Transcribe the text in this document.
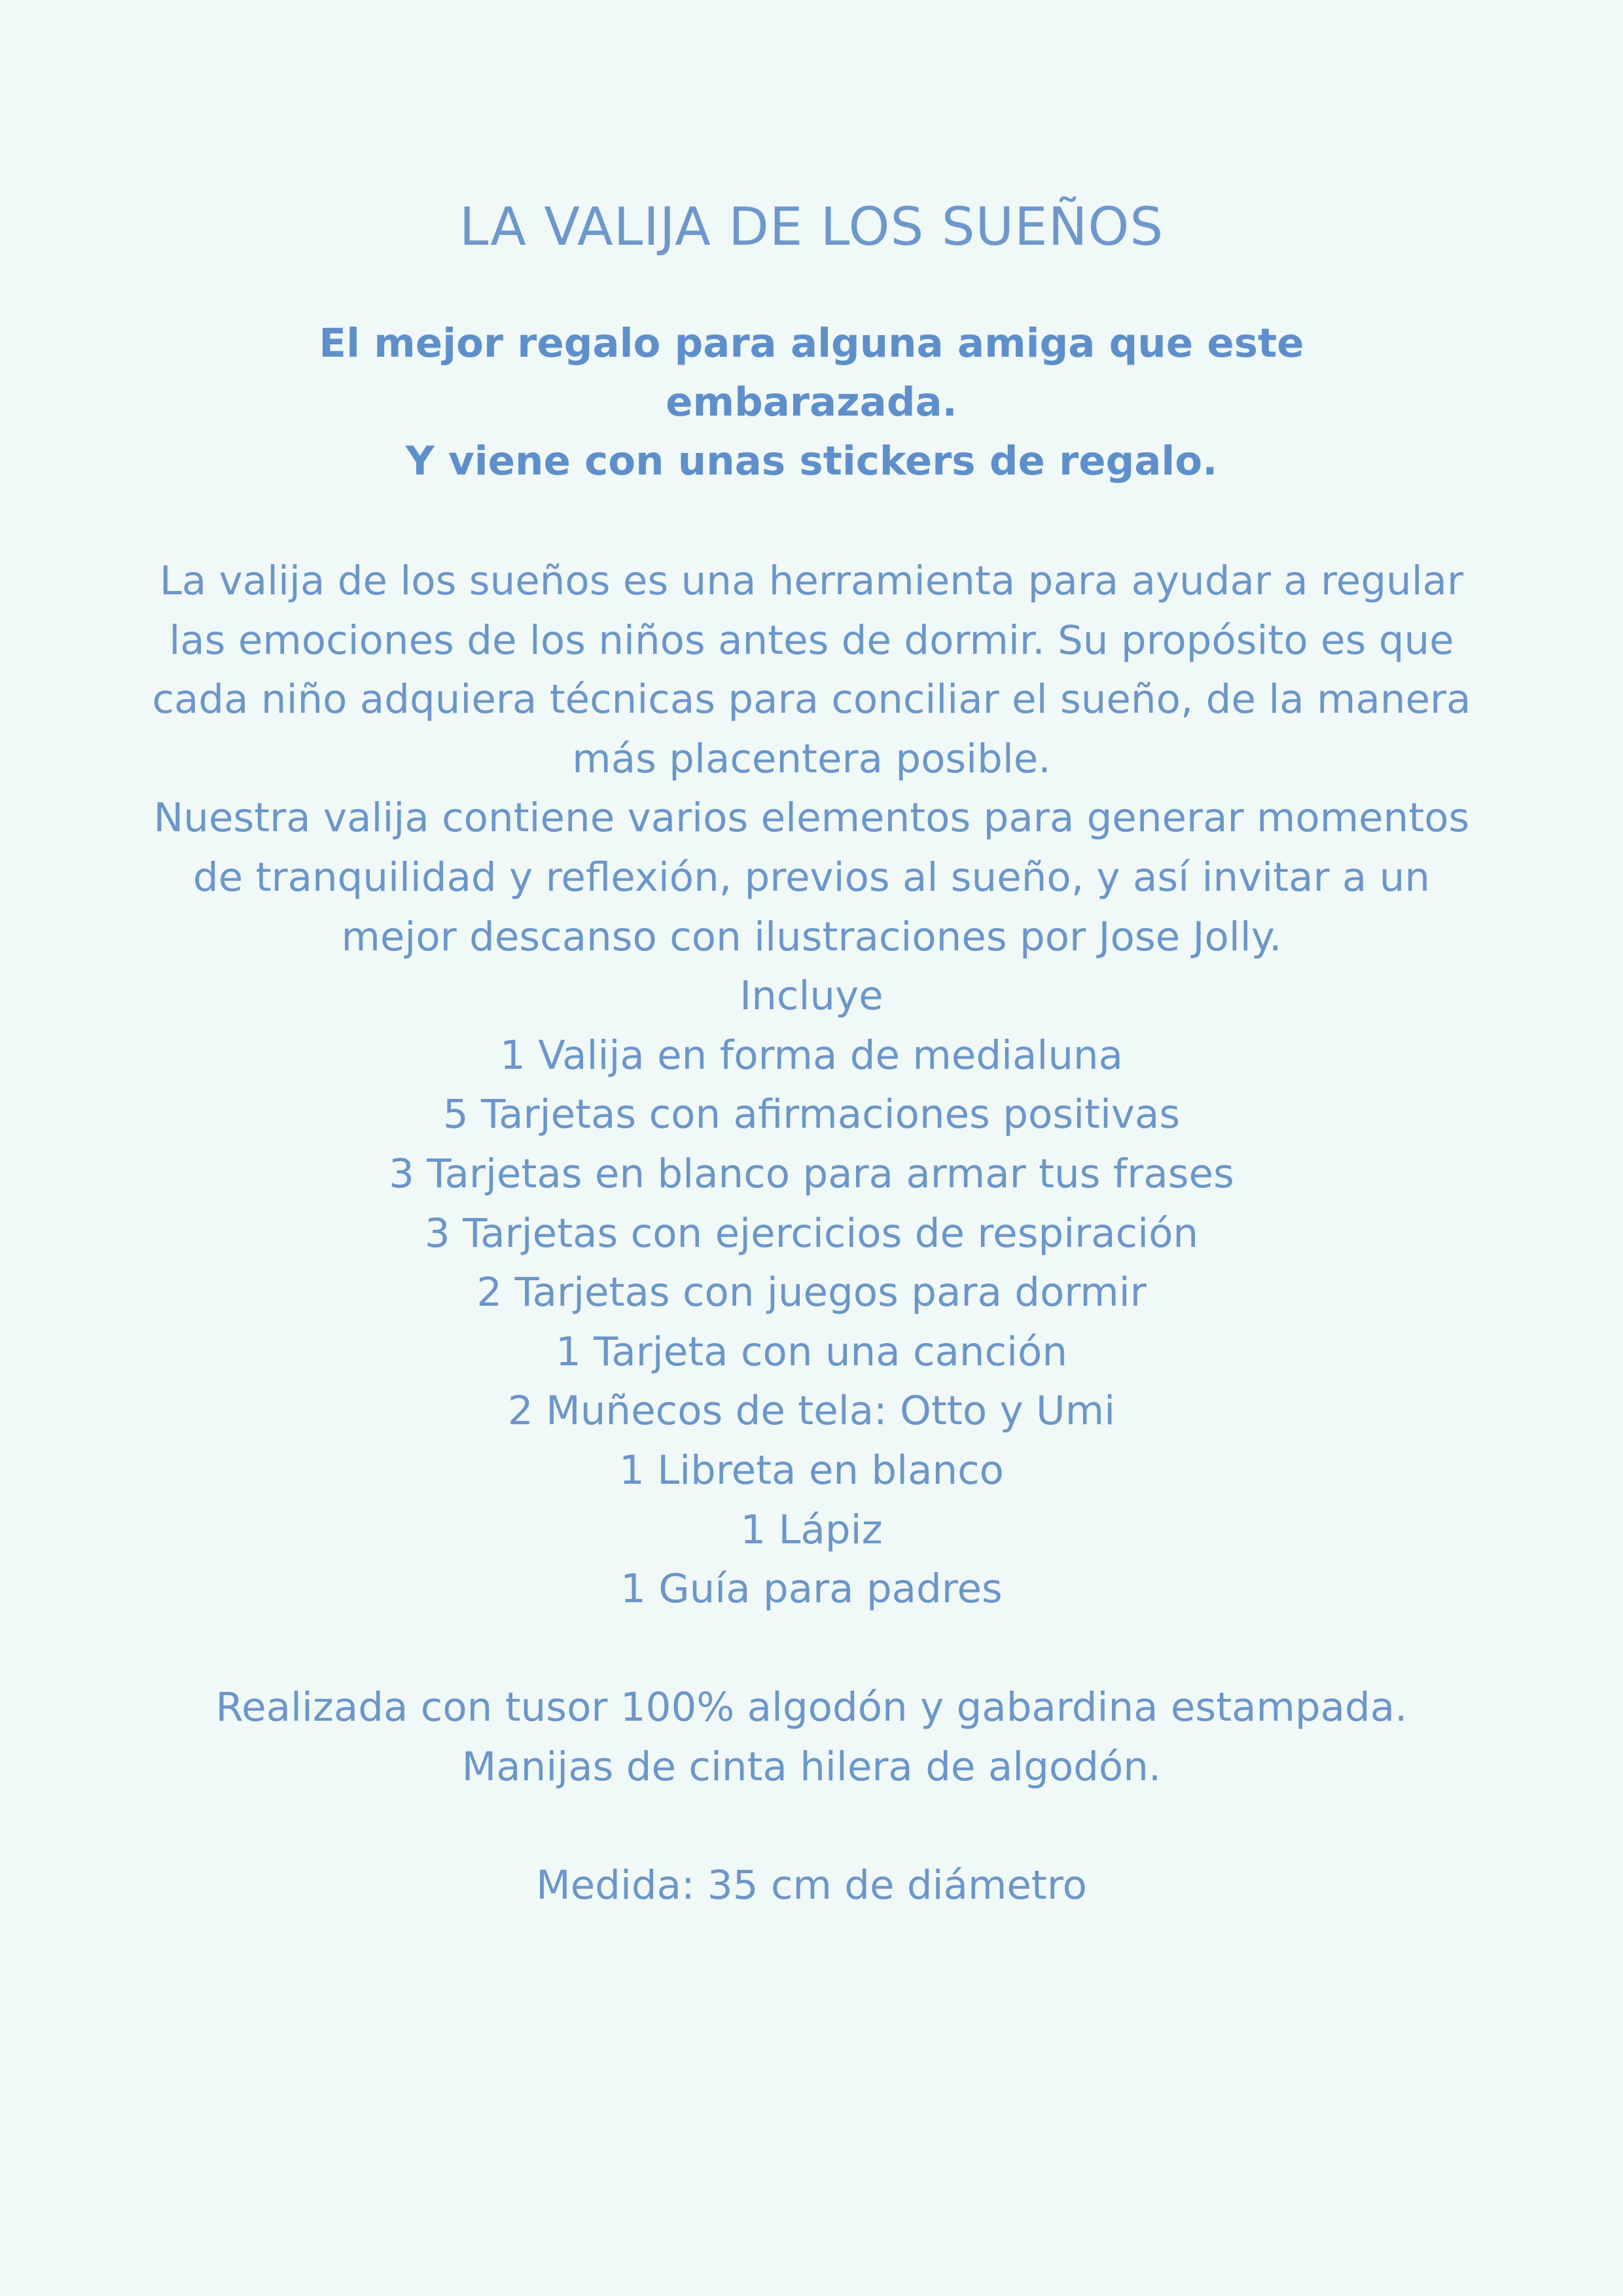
LA VALIJA DE LOS SUEÑOS
El mejor regalo para alguna amiga que este embarazada.
Y viene con unas stickers de regalo.

La valija de los sueños es una herramienta para ayudar a regular las emociones de los niños antes de dormir. Su propósito es que cada niño adquiera técnicas para conciliar el sueño, de la manera más placentera posible.

Nuestra valija contiene varios elementos para generar momentos de tranquilidad y reflexión, previos al sueño, y así invitar a un mejor descanso con ilustraciones por Jose Jolly.

Incluye

1 Valija en forma de medialuna
5 Tarjetas con afirmaciones positivas
3 Tarjetas en blanco para armar tus frases
3 Tarjetas con ejercicios de respiración
2 Tarjetas con juegos para dormir
1 Tarjeta con una canción
2 Muñecos de tela: Otto y Umi
1 Libreta en blanco
1 Lápiz
1 Guía para padres

Realizada con tusor 100% algodón y gabardina estampada. Manijas de cinta hilera de algodón.

Medida: 35 cm de diámetro
